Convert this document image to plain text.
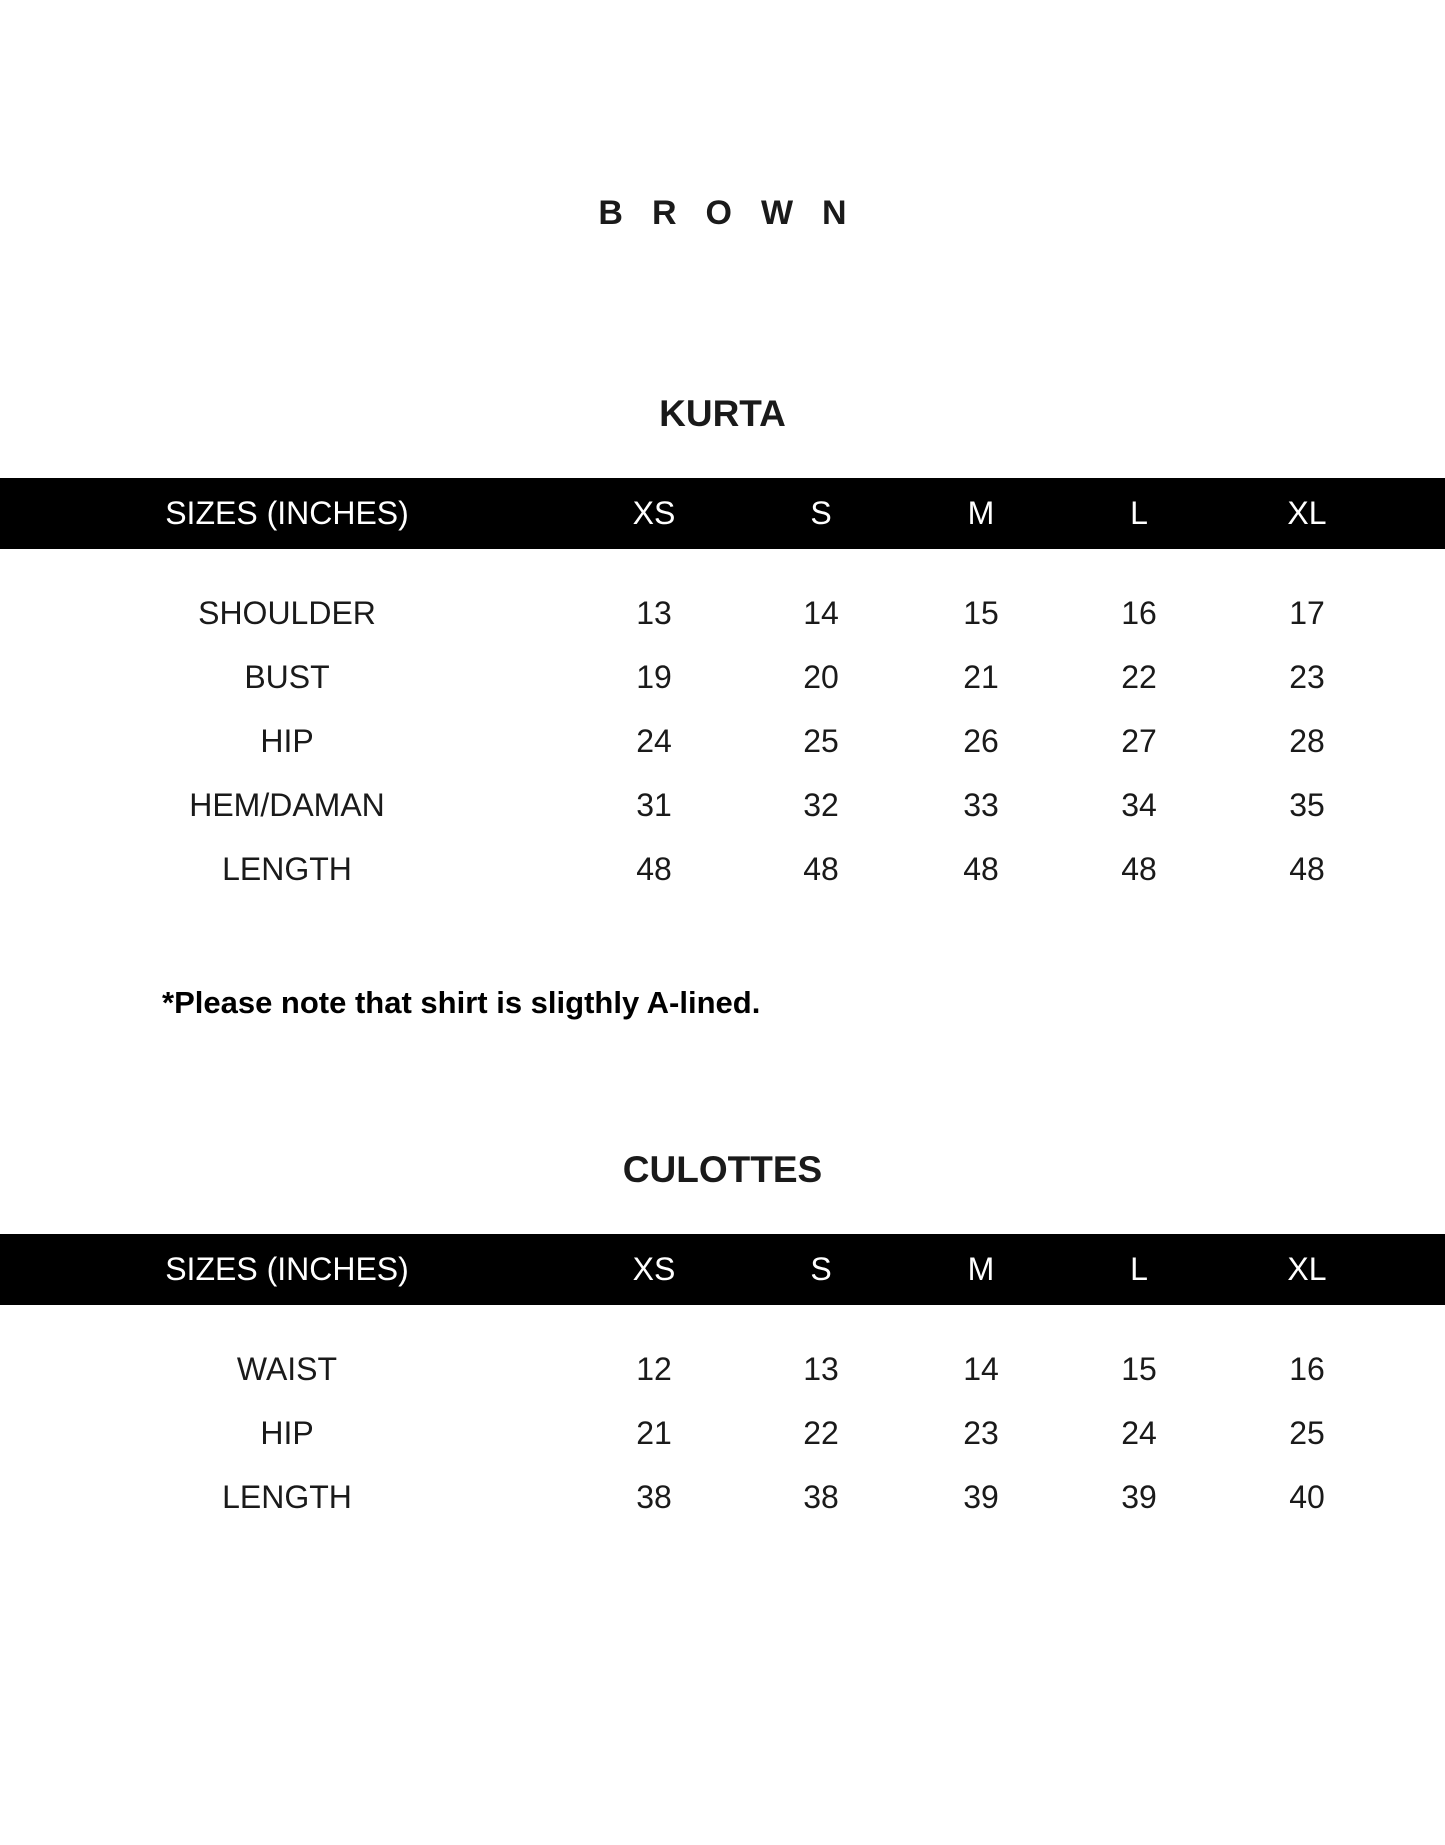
BROWN
KURTA
SIZES (INCHES)	XS	S	M	L	XL
SHOULDER	13	14	15	16	17
BUST	19	20	21	22	23
HIP	24	25	26	27	28
HEM/DAMAN	31	32	33	34	35
LENGTH	48	48	48	48	48
*Please note that shirt is sligthly A-lined.
CULOTTES
SIZES (INCHES)	XS	S	M	L	XL
WAIST	12	13	14	15	16
HIP	21	22	23	24	25
LENGTH	38	38	39	39	40
